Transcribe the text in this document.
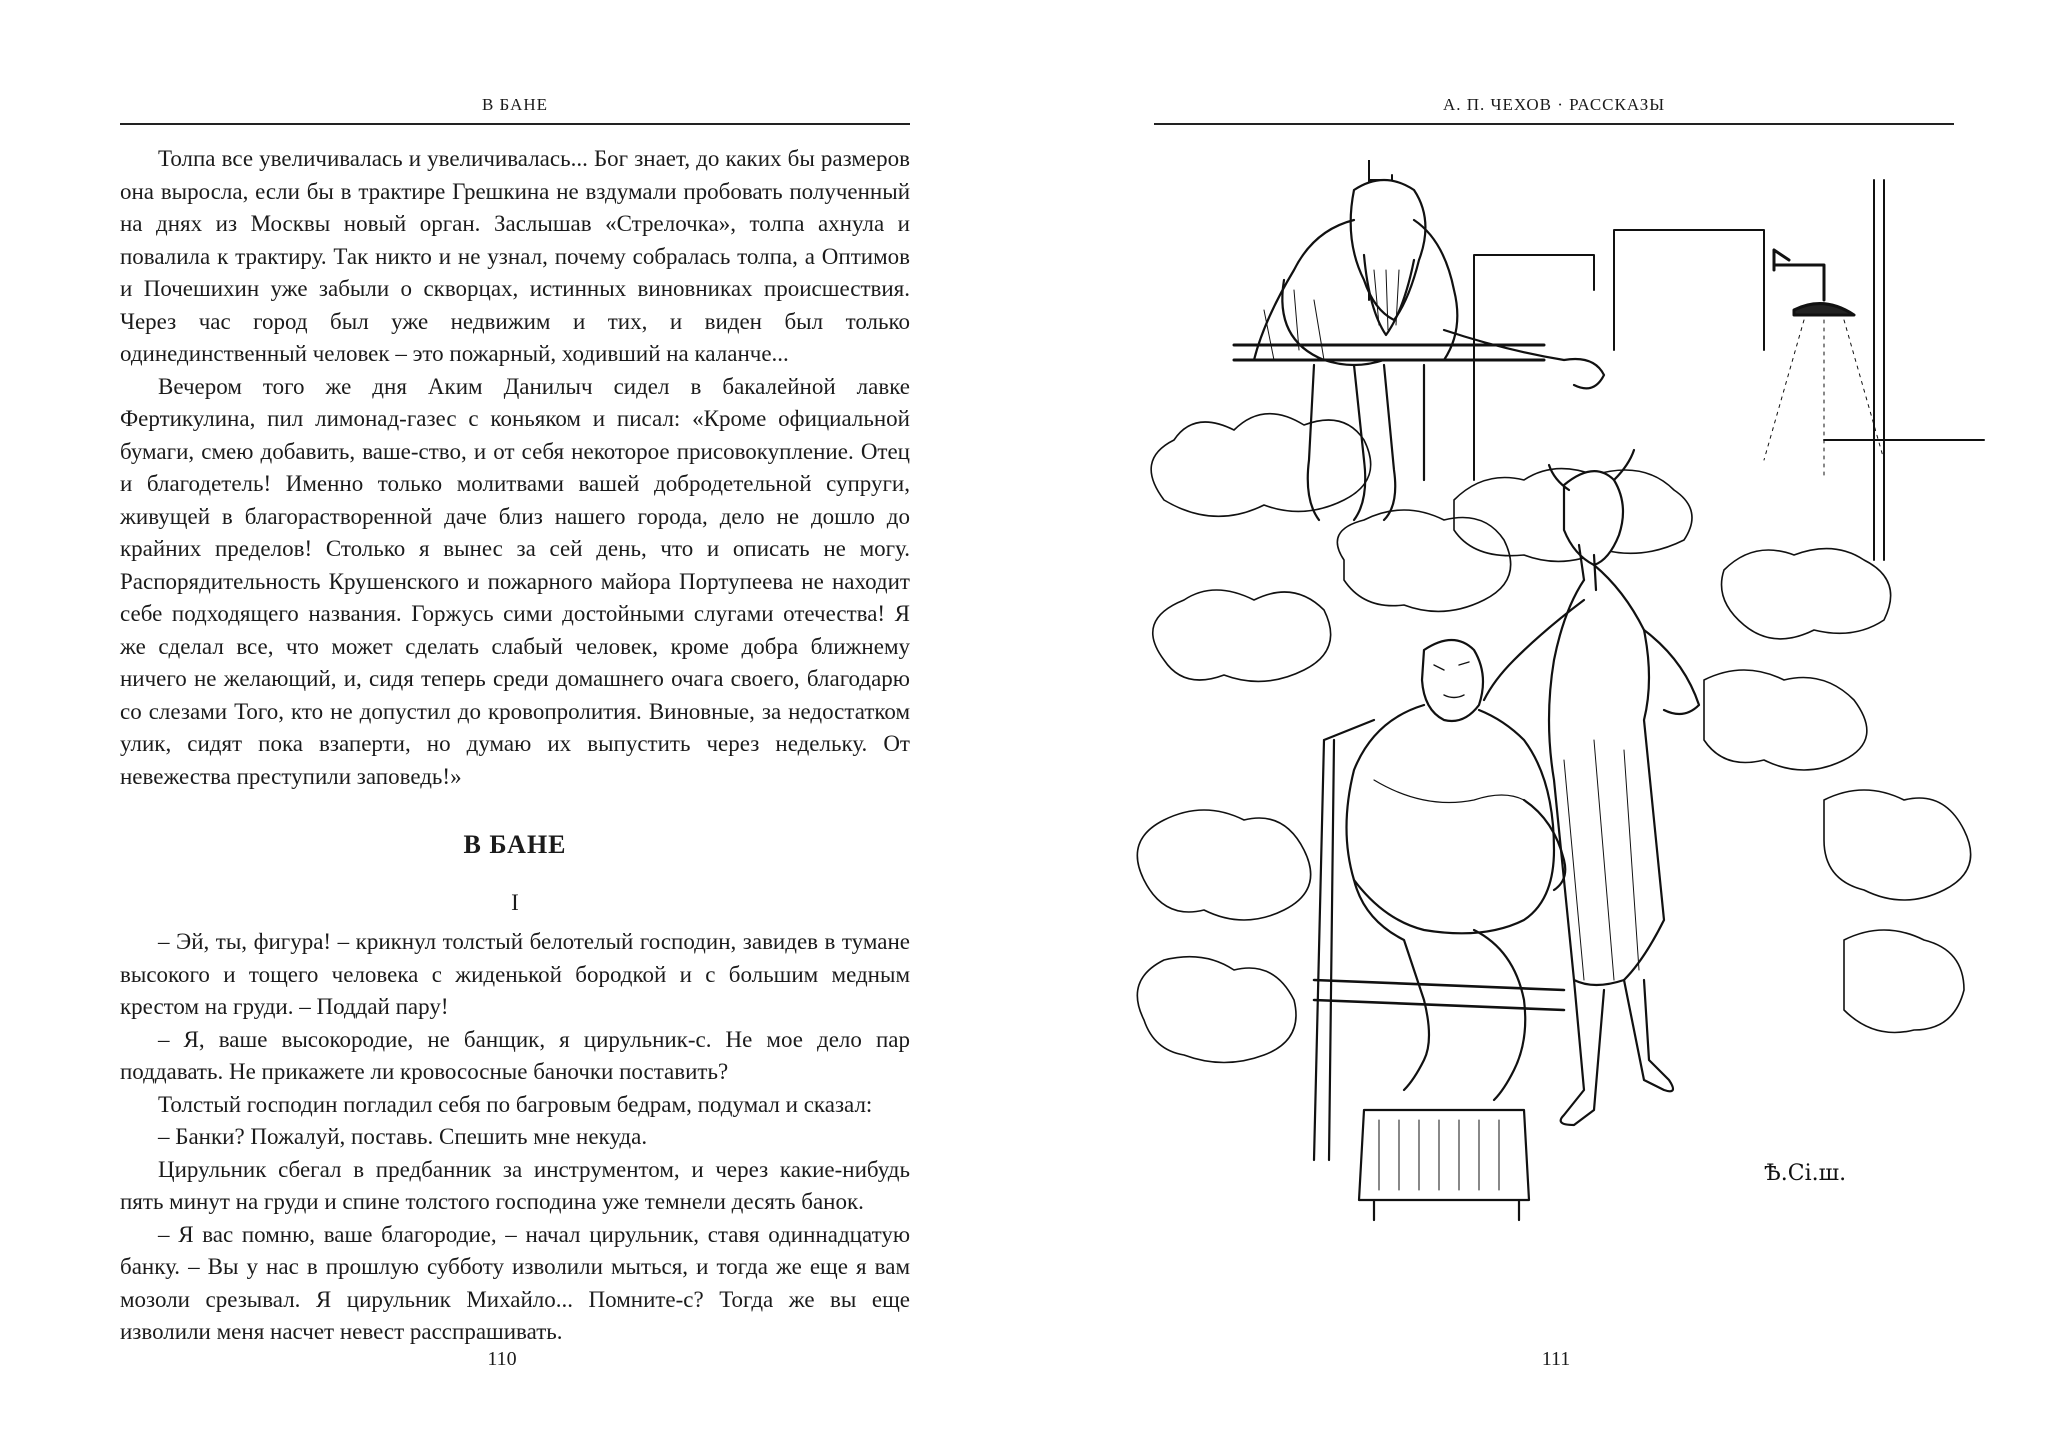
В БАНЕ

Толпа все увеличивалась и увеличивалась... Бог знает, до каких бы размеров она выросла, если бы в трактире Грешкина не вздумали пробовать полученный на днях из Москвы новый орган. Заслышав «Стрелочка», толпа ахнула и повалила к трактиру. Так никто и не узнал, почему собралась толпа, а Оптимов и Почешихин уже забыли о скворцах, истинных виновниках происшествия. Через час город был уже недвижим и тих, и виден был только одинединственный человек – это пожарный, ходивший на каланче...

Вечером того же дня Аким Данилыч сидел в бакалейной лавке Фертикулина, пил лимонад-газес с коньяком и писал: «Кроме официальной бумаги, смею добавить, ваше-ство, и от себя некоторое присовокупление. Отец и благодетель! Именно только молитвами вашей добродетельной супруги, живущей в благорастворенной даче близ нашего города, дело не дошло до крайних пределов! Столько я вынес за сей день, что и описать не могу. Распорядительность Крушенского и пожарного майора Портупеева не находит себе подходящего названия. Горжусь сими достойными слугами отечества! Я же сделал все, что может сделать слабый человек, кроме добра ближнему ничего не желающий, и, сидя теперь среди домашнего очага своего, благодарю со слезами Того, кто не допустил до кровопролития. Виновные, за недостатком улик, сидят пока взаперти, но думаю их выпустить через недельку. От невежества преступили заповедь!»

В БАНЕ
I

– Эй, ты, фигура! – крикнул толстый белотелый господин, завидев в тумане высокого и тощего человека с жиденькой бородкой и с большим медным крестом на груди. – Поддай пару!

– Я, ваше высокородие, не банщик, я цирульник-с. Не мое дело пар поддавать. Не прикажете ли кровососные баночки поставить?

Толстый господин погладил себя по багровым бедрам, подумал и сказал:

– Банки? Пожалуй, поставь. Спешить мне некуда.

Цирульник сбегал в предбанник за инструментом, и через какие-нибудь пять минут на груди и спине толстого господина уже темнели десять банок.

– Я вас помню, ваше благородие, – начал цирульник, ставя одиннадцатую банку. – Вы у нас в прошлую субботу изволили мыться, и тогда же еще я вам мозоли срезывал. Я цирульник Михайло... Помните-с? Тогда же вы еще изволили меня насчет невест расспрашивать.

110
А. П. ЧЕХОВ · РАССКАЗЫ
Ѣ.Сі.ш.
111
